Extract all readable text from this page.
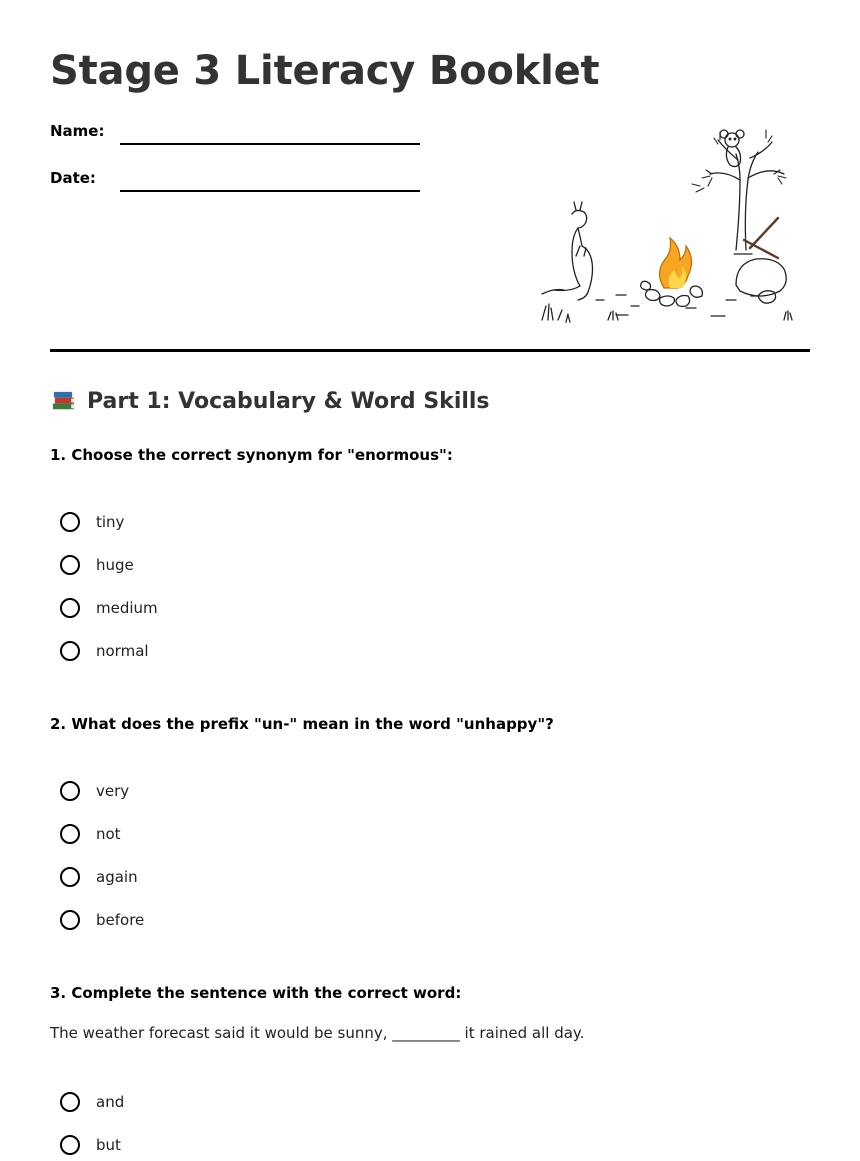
Stage 3 Literacy Booklet
Name:
Date:
Part 1: Vocabulary & Word Skills

1. Choose the correct synonym for "enormous":

tiny
huge
medium
normal

2. What does the prefix "un-" mean in the word "unhappy"?

very
not
again
before

3. Complete the sentence with the correct word:

The weather forecast said it would be sunny, _________ it rained all day.
and
but
